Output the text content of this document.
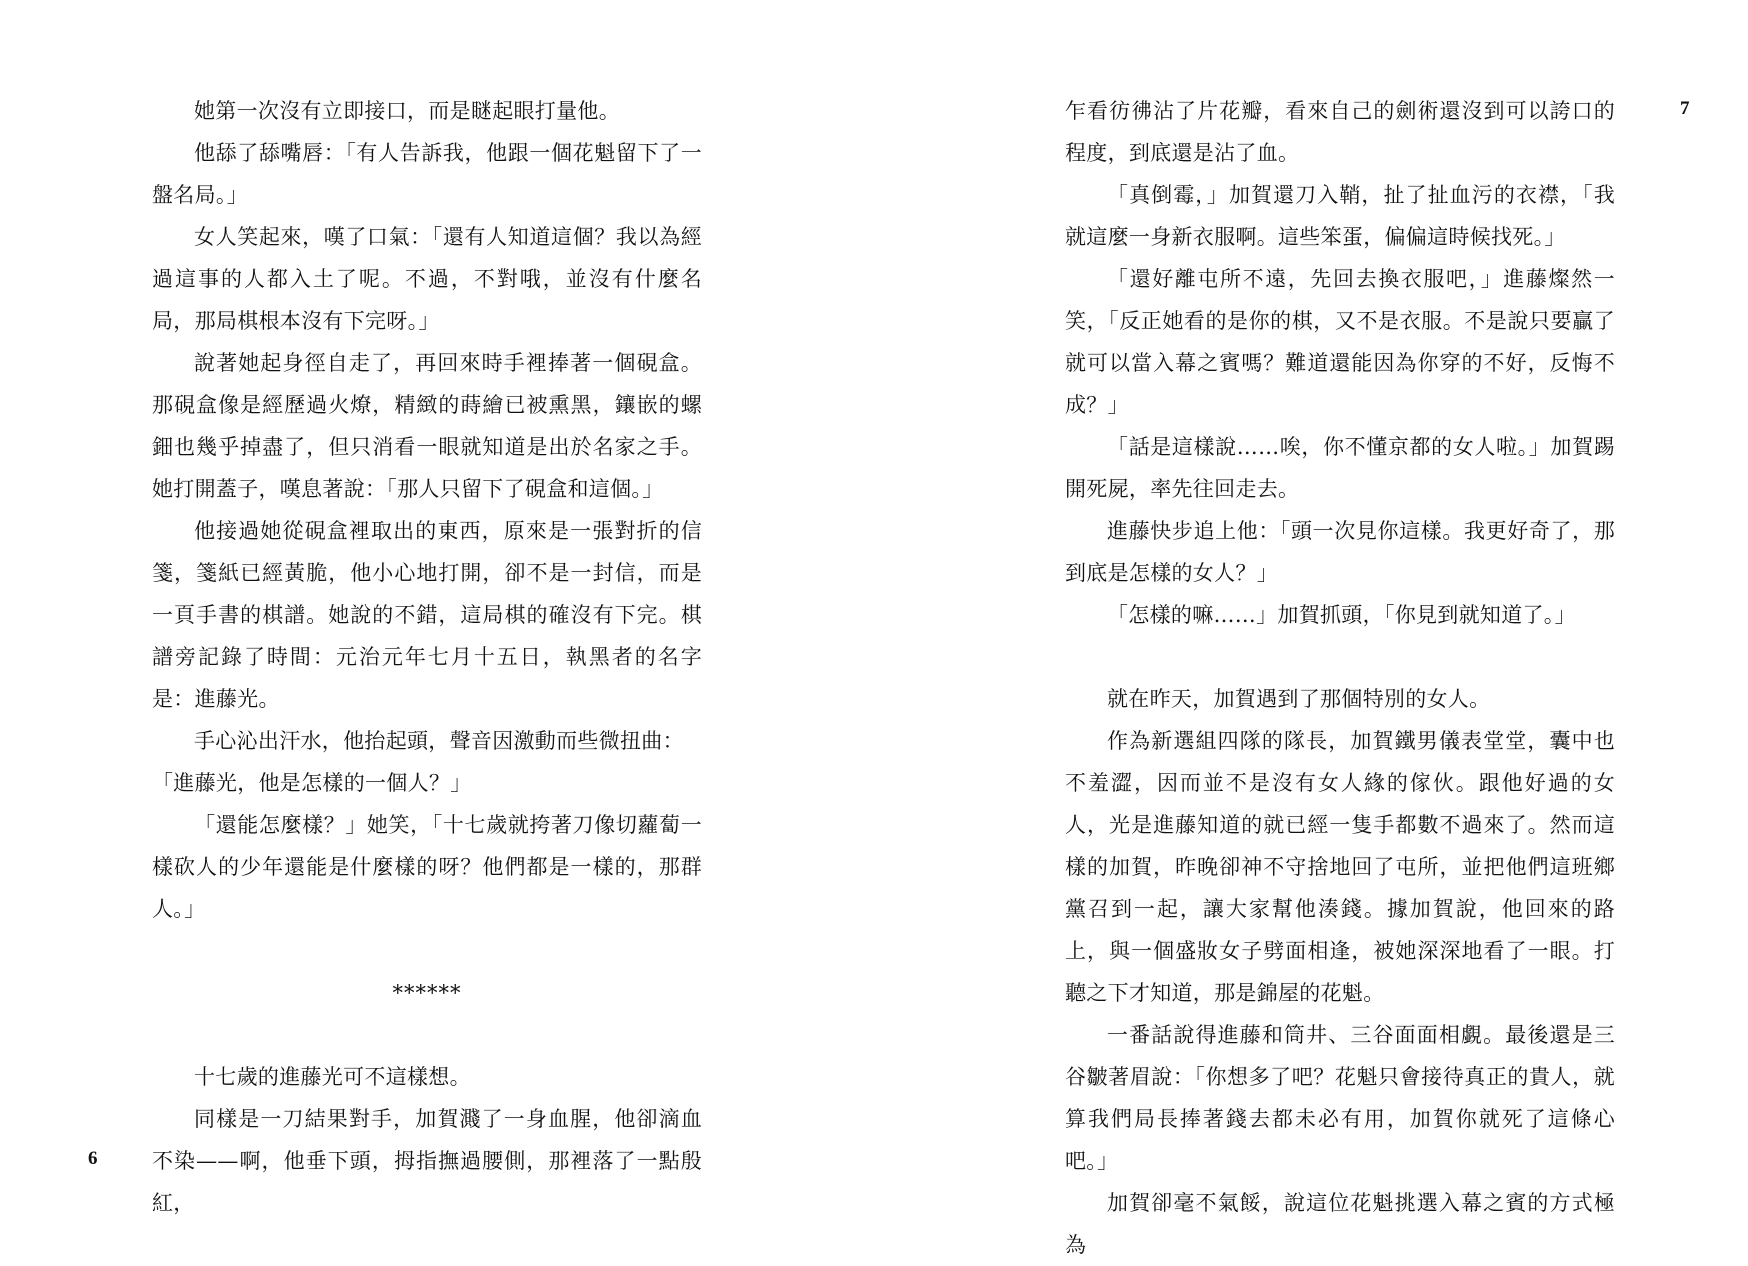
她第一次沒有立即接口，而是瞇起眼打量他。

他舔了舔嘴唇：「有人告訴我，他跟一個花魁留下了一盤名局。」

女人笑起來，嘆了口氣：「還有人知道這個？我以為經過這事的人都入土了呢。不過，不對哦，並沒有什麼名局，那局棋根本沒有下完呀。」

說著她起身徑自走了，再回來時手裡捧著一個硯盒。那硯盒像是經歷過火燎，精緻的蒔繪已被熏黑，鑲嵌的螺鈿也幾乎掉盡了，但只消看一眼就知道是出於名家之手。她打開蓋子，嘆息著說：「那人只留下了硯盒和這個。」

他接過她從硯盒裡取出的東西，原來是一張對折的信箋，箋紙已經黃脆，他小心地打開，卻不是一封信，而是一頁手書的棋譜。她說的不錯，這局棋的確沒有下完。棋譜旁記錄了時間：元治元年七月十五日，執黑者的名字是：進藤光。

手心沁出汗水，他抬起頭，聲音因激動而些微扭曲：

「進藤光，他是怎樣的一個人？」

「還能怎麼樣？」她笑，「十七歲就挎著刀像切蘿蔔一樣砍人的少年還能是什麼樣的呀？他們都是一樣的，那群人。」

******

十七歲的進藤光可不這樣想。

同樣是一刀結果對手，加賀濺了一身血腥，他卻滴血不染——啊，他垂下頭，拇指撫過腰側，那裡落了一點殷紅，

6
7

乍看彷彿沾了片花瓣，看來自己的劍術還沒到可以誇口的程度，到底還是沾了血。

「真倒霉，」加賀還刀入鞘，扯了扯血污的衣襟，「我就這麼一身新衣服啊。這些笨蛋，偏偏這時候找死。」

「還好離屯所不遠，先回去換衣服吧，」進藤燦然一笑，「反正她看的是你的棋，又不是衣服。不是說只要贏了就可以當入幕之賓嗎？難道還能因為你穿的不好，反悔不成？」

「話是這樣說……唉，你不懂京都的女人啦。」加賀踢開死屍，率先往回走去。

進藤快步追上他：「頭一次見你這樣。我更好奇了，那到底是怎樣的女人？」

「怎樣的嘛……」加賀抓頭，「你見到就知道了。」

就在昨天，加賀遇到了那個特別的女人。

作為新選組四隊的隊長，加賀鐵男儀表堂堂，囊中也不羞澀，因而並不是沒有女人緣的傢伙。跟他好過的女人，光是進藤知道的就已經一隻手都數不過來了。然而這樣的加賀，昨晚卻神不守捨地回了屯所，並把他們這班鄉黨召到一起，讓大家幫他湊錢。據加賀說，他回來的路上，與一個盛妝女子劈面相逢，被她深深地看了一眼。打聽之下才知道，那是錦屋的花魁。

一番話說得進藤和筒井、三谷面面相覷。最後還是三谷皺著眉說：「你想多了吧？花魁只會接待真正的貴人，就算我們局長捧著錢去都未必有用，加賀你就死了這條心吧。」

加賀卻毫不氣餒，說這位花魁挑選入幕之賓的方式極為
